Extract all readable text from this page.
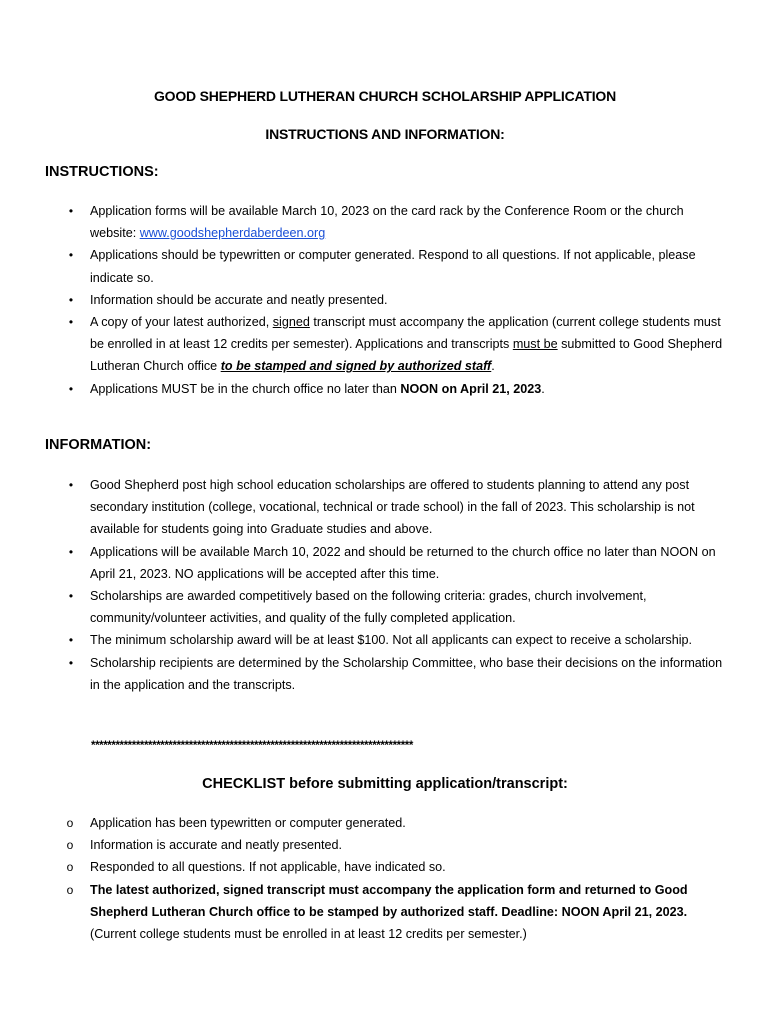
GOOD SHEPHERD LUTHERAN CHURCH SCHOLARSHIP APPLICATION
INSTRUCTIONS AND INFORMATION:
INSTRUCTIONS:
• Application forms will be available March 10, 2023 on the card rack by the Conference Room or the church website: www.goodshepherdaberdeen.org
• Applications should be typewritten or computer generated. Respond to all questions. If not applicable, please indicate so.
• Information should be accurate and neatly presented.
• A copy of your latest authorized, signed transcript must accompany the application (current college students must be enrolled in at least 12 credits per semester). Applications and transcripts must be submitted to Good Shepherd Lutheran Church office to be stamped and signed by authorized staff.
• Applications MUST be in the church office no later than NOON on April 21, 2023.
INFORMATION:
• Good Shepherd post high school education scholarships are offered to students planning to attend any post secondary institution (college, vocational, technical or trade school) in the fall of 2023. This scholarship is not available for students going into Graduate studies and above.
• Applications will be available March 10, 2022 and should be returned to the church office no later than NOON on April 21, 2023. NO applications will be accepted after this time.
• Scholarships are awarded competitively based on the following criteria: grades, church involvement, community/volunteer activities, and quality of the fully completed application.
• The minimum scholarship award will be at least $100. Not all applicants can expect to receive a scholarship.
• Scholarship recipients are determined by the Scholarship Committee, who base their decisions on the information in the application and the transcripts.
*******************************************************************************
CHECKLIST before submitting application/transcript:
o Application has been typewritten or computer generated.
o Information is accurate and neatly presented.
o Responded to all questions. If not applicable, have indicated so.
o The latest authorized, signed transcript must accompany the application form and returned to Good Shepherd Lutheran Church office to be stamped by authorized staff. Deadline: NOON April 21, 2023. (Current college students must be enrolled in at least 12 credits per semester.)
